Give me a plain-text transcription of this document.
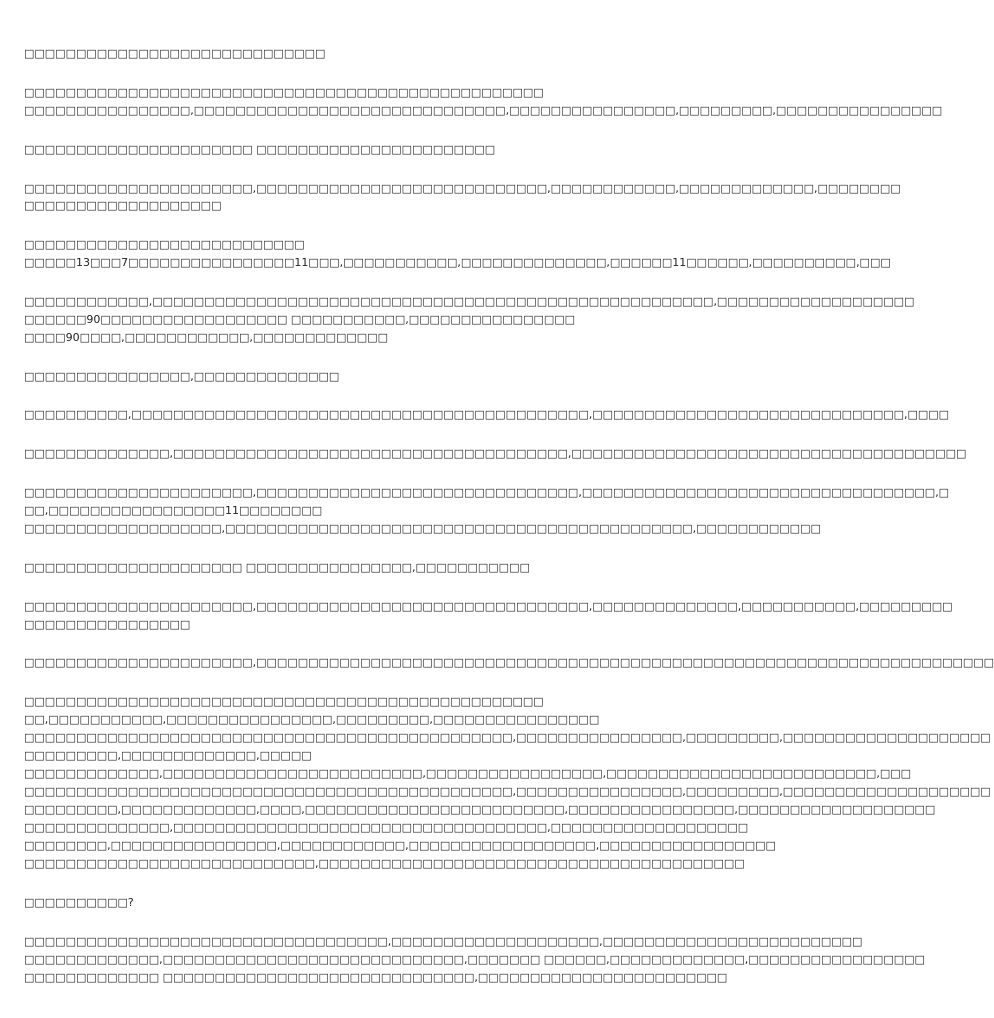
□□□□□□□□□□□□□□□□□□□□□□□□□□□□□
□□□□□□□□□□□□□□□□□□□□□□□□□□□□□□□□□□□□□□□□□□□□□□□□□□
□□□□□□□□□□□□□□□□,□□□□□□□□□□□□□□□□□□□□□□□□□□□□□□,□□□□□□□□□□□□□□□□,□□□□□□□□□,□□□□□□□□□□□□□□□□
□□□□□□□□□□□□□□□□□□□□□□ □□□□□□□□□□□□□□□□□□□□□□□
□□□□□□□□□□□□□□□□□□□□□□,□□□□□□□□□□□□□□□□□□□□□□□□□□□□,□□□□□□□□□□□□,□□□□□□□□□□□□□,□□□□□□□□
□□□□□□□□□□□□□□□□□□□
□□□□□□□□□□□□□□□□□□□□□□□□□□□
□□□□□13□□□7□□□□□□□□□□□□□□□□11□□□,□□□□□□□□□□□,□□□□□□□□□□□□□□,□□□□□□11□□□□□□,□□□□□□□□□□,□□□
□□□□□□□□□□□□,□□□□□□□□□□□□□□□□□□□□□□□□□□□□□□□□□□□□□□□□□□□□□□□□□□□□□□,□□□□□□□□□□□□□□□□□□□
□□□□□□90□□□□□□□□□□□□□□□□□□ □□□□□□□□□□□,□□□□□□□□□□□□□□□□
□□□□90□□□□,□□□□□□□□□□□□,□□□□□□□□□□□□□
□□□□□□□□□□□□□□□□,□□□□□□□□□□□□□□
□□□□□□□□□□,□□□□□□□□□□□□□□□□□□□□□□□□□□□□□□□□□□□□□□□□□□□□,□□□□□□□□□□□□□□□□□□□□□□□□□□□□□□,□□□□
□□□□□□□□□□□□□□,□□□□□□□□□□□□□□□□□□□□□□□□□□□□□□□□□□□□□□,□□□□□□□□□□□□□□□□□□□□□□□□□□□□□□□□□□□□□□
□□□□□□□□□□□□□□□□□□□□□□,□□□□□□□□□□□□□□□□□□□□□□□□□□□□□□□,□□□□□□□□□□□□□□□□□□□□□□□□□□□□□□□□□□,□
□□,□□□□□□□□□□□□□□□□□11□□□□□□□□
□□□□□□□□□□□□□□□□□□□,□□□□□□□□□□□□□□□□□□□□□□□□□□□□□□□□□□□□□□□□□□□□□,□□□□□□□□□□□□
□□□□□□□□□□□□□□□□□□□□□ □□□□□□□□□□□□□□□□,□□□□□□□□□□□
□□□□□□□□□□□□□□□□□□□□□□,□□□□□□□□□□□□□□□□□□□□□□□□□□□□□□□□,□□□□□□□□□□□□□□,□□□□□□□□□□□,□□□□□□□□□
□□□□□□□□□□□□□□□□
□□□□□□□□□□□□□□□□□□□□□□,□□□□□□□□□□□□□□□□□□□□□□□□□□□□□□□□□□□□□□□□□□□□□□□□□□□□□□□□□□□□□□□□□□□□□□□
□□□□□□□□□□□□□□□□□□□□□□□□□□□□□□□□□□□□□□□□□□□□□□□□□□
□□,□□□□□□□□□□□,□□□□□□□□□□□□□□□□,□□□□□□□□□,□□□□□□□□□□□□□□□□
□□□□□□□□□□□□□□□□□□□□□□□□□□□□□□□□□□□□□□□□□□□□□□□,□□□□□□□□□□□□□□□□,□□□□□□□□□,□□□□□□□□□□□□□□□□□□□□
□□□□□□□□□,□□□□□□□□□□□□□,□□□□□
□□□□□□□□□□□□□,□□□□□□□□□□□□□□□□□□□□□□□□□,□□□□□□□□□□□□□□□□□,□□□□□□□□□□□□□□□□□□□□□□□□□□,□□□
□□□□□□□□□□□□□□□□□□□□□□□□□□□□□□□□□□□□□□□□□□□□□□□,□□□□□□□□□□□□□□□□,□□□□□□□□□,□□□□□□□□□□□□□□□□□□□□
□□□□□□□□□,□□□□□□□□□□□□□,□□□□,□□□□□□□□□□□□□□□□□□□□□□□□□,□□□□□□□□□□□□□□□□,□□□□□□□□□□□□□□□□□□□
□□□□□□□□□□□□□□,□□□□□□□□□□□□□□□□□□□□□□□□□□□□□□□□□□□□,□□□□□□□□□□□□□□□□□□□
□□□□□□□□,□□□□□□□□□□□□□□□□,□□□□□□□□□□□□,□□□□□□□□□□□□□□□□□□,□□□□□□□□□□□□□□□□□
□□□□□□□□□□□□□□□□□□□□□□□□□□□□,□□□□□□□□□□□□□□□□□□□□□□□□□□□□□□□□□□□□□□□□□
□□□□□□□□□□?
□□□□□□□□□□□□□□□□□□□□□□□□□□□□□□□□□□□,□□□□□□□□□□□□□□□□□□□□,□□□□□□□□□□□□□□□□□□□□□□□□□
□□□□□□□□□□□□□,□□□□□□□□□□□□□□□□□□□□□□□□□□□□□,□□□□□□□ □□□□□□,□□□□□□□□□□□□□,□□□□□□□□□□□□□□□□□
□□□□□□□□□□□□□ □□□□□□□□□□□□□□□□□□□□□□□□□□□□□□,□□□□□□□□□□□□□□□□□□□□□□□□
